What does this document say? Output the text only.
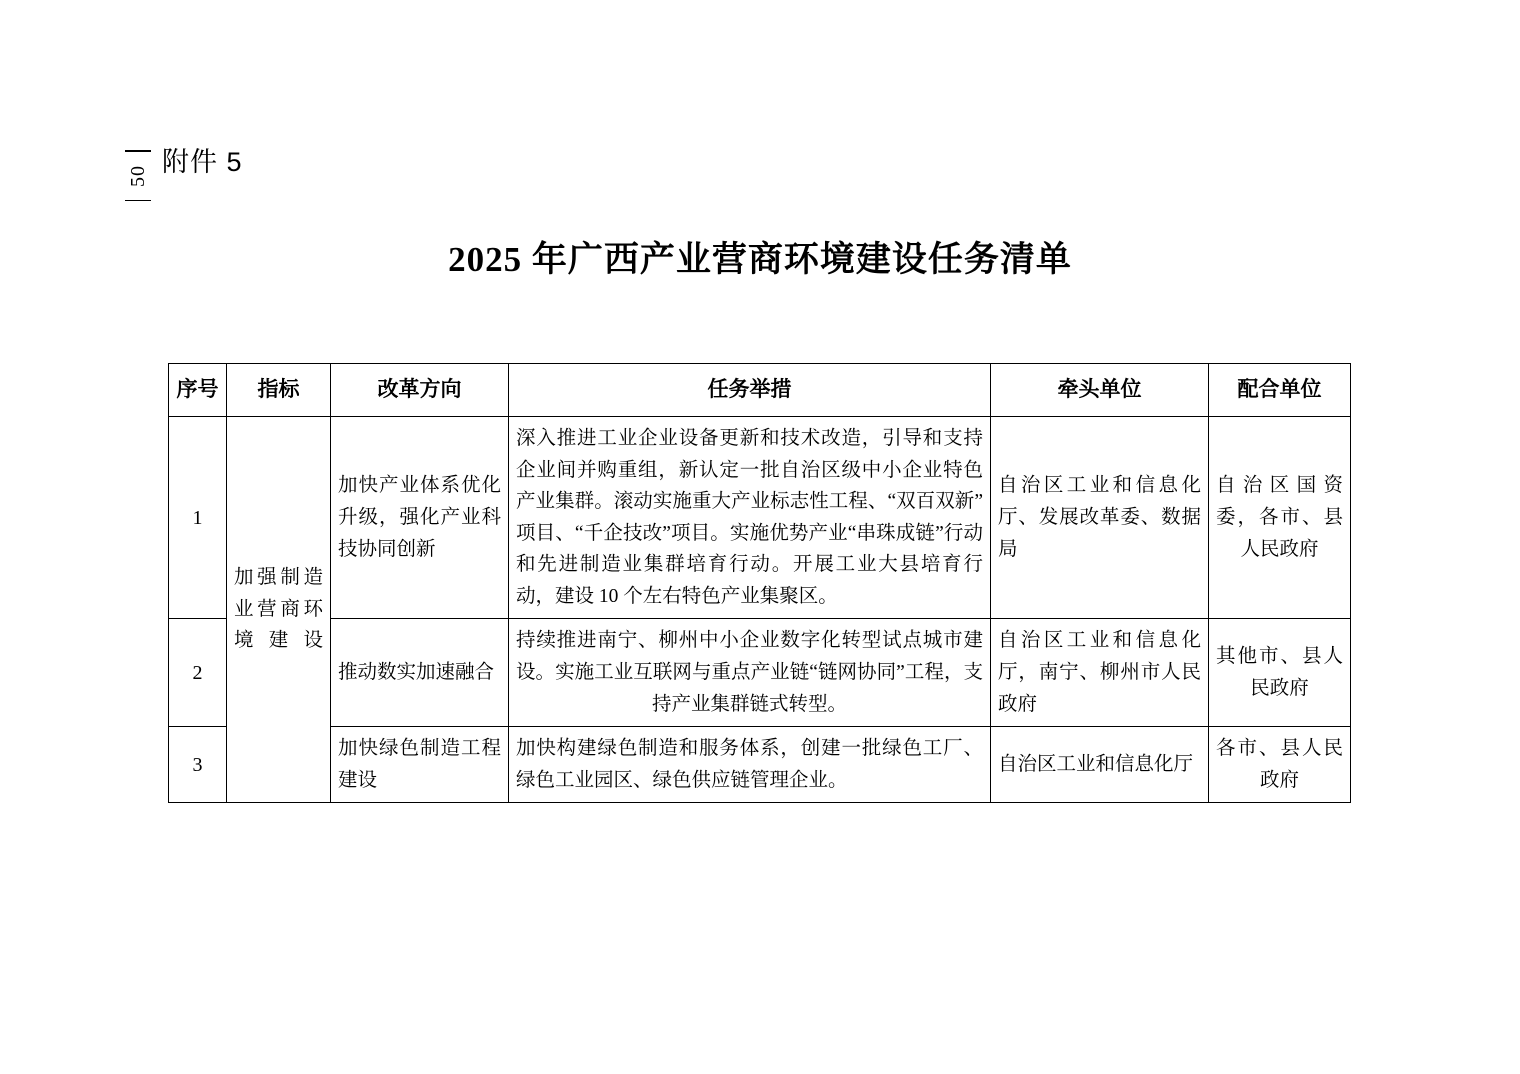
50 附件 5
2025 年广西产业营商环境建设任务清单
序号	指标	改革方向	任务举措	牵头单位	配合单位
1	加强制造业营商环境建设	加快产业体系优化升级，强化产业科技协同创新	深入推进工业企业设备更新和技术改造，引导和支持企业间并购重组，新认定一批自治区级中小企业特色产业集群。滚动实施重大产业标志性工程、“双百双新”项目、“千企技改”项目。实施优势产业“串珠成链”行动和先进制造业集群培育行动。开展工业大县培育行动，建设 10 个左右特色产业集聚区。	自治区工业和信息化厅、发展改革委、数据局	自治区国资委，各市、县人民政府
2		推动数实加速融合	持续推进南宁、柳州中小企业数字化转型试点城市建设。实施工业互联网与重点产业链“链网协同”工程，支持产业集群链式转型。	自治区工业和信息化厅，南宁、柳州市人民政府	其他市、县人民政府
3		加快绿色制造工程建设	加快构建绿色制造和服务体系，创建一批绿色工厂、绿色工业园区、绿色供应链管理企业。	自治区工业和信息化厅	各市、县人民政府
